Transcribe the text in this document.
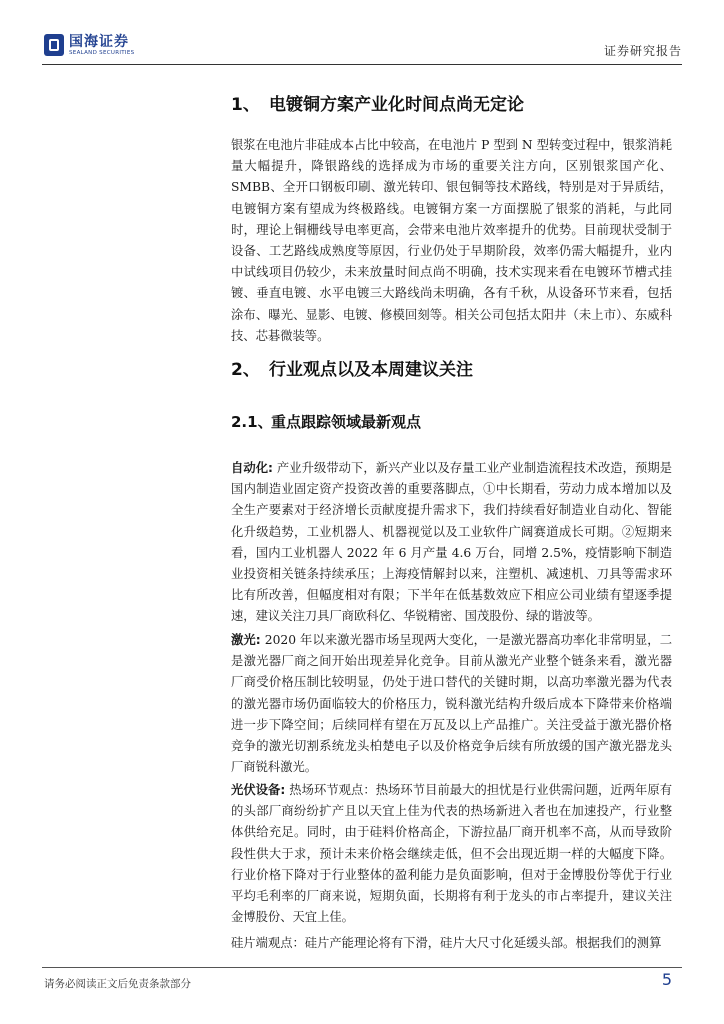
国海证券
SEALAND SECURITIES	证券研究报告
1、 电镀铜方案产业化时间点尚无定论
银浆在电池片非硅成本占比中较高，在电池片 P 型到 N 型转变过程中，银浆消耗量大幅提升，降银路线的选择成为市场的重要关注方向，区别银浆国产化、SMBB、全开口钢板印刷、激光转印、银包铜等技术路线，特别是对于异质结，电镀铜方案有望成为终极路线。电镀铜方案一方面摆脱了银浆的消耗，与此同时，理论上铜栅线导电率更高，会带来电池片效率提升的优势。目前现状受制于设备、工艺路线成熟度等原因，行业仍处于早期阶段，效率仍需大幅提升，业内中试线项目仍较少，未来放量时间点尚不明确，技术实现来看在电镀环节槽式挂镀、垂直电镀、水平电镀三大路线尚未明确，各有千秋，从设备环节来看，包括涂布、曝光、显影、电镀、修模回刻等。相关公司包括太阳井（未上市）、东威科技、芯碁微装等。
2、 行业观点以及本周建议关注
2.1、重点跟踪领域最新观点
自动化: 产业升级带动下，新兴产业以及存量工业产业制造流程技术改造，预期是国内制造业固定资产投资改善的重要落脚点，①中长期看，劳动力成本增加以及全生产要素对于经济增长贡献度提升需求下，我们持续看好制造业自动化、智能化升级趋势，工业机器人、机器视觉以及工业软件广阔赛道成长可期。②短期来看，国内工业机器人 2022 年 6 月产量 4.6 万台，同增 2.5%，疫情影响下制造业投资相关链条持续承压；上海疫情解封以来，注塑机、减速机、刀具等需求环比有所改善，但幅度相对有限；下半年在低基数效应下相应公司业绩有望逐季提速，建议关注刀具厂商欧科亿、华锐精密、国茂股份、绿的谐波等。
激光: 2020 年以来激光器市场呈现两大变化，一是激光器高功率化非常明显，二是激光器厂商之间开始出现差异化竞争。目前从激光产业整个链条来看，激光器厂商受价格压制比较明显，仍处于进口替代的关键时期，以高功率激光器为代表的激光器市场仍面临较大的价格压力，锐科激光结构升级后成本下降带来价格端进一步下降空间；后续同样有望在万瓦及以上产品推广。关注受益于激光器价格竞争的激光切割系统龙头柏楚电子以及价格竞争后续有所放缓的国产激光器龙头厂商锐科激光。
光伏设备: 热场环节观点：热场环节目前最大的担忧是行业供需问题，近两年原有的头部厂商纷纷扩产且以天宜上佳为代表的热场新进入者也在加速投产，行业整体供给充足。同时，由于硅料价格高企，下游拉晶厂商开机率不高，从而导致阶段性供大于求，预计未来价格会继续走低，但不会出现近期一样的大幅度下降。行业价格下降对于行业整体的盈利能力是负面影响，但对于金博股份等优于行业平均毛利率的厂商来说，短期负面，长期将有利于龙头的市占率提升，建议关注金博股份、天宜上佳。
硅片端观点：硅片产能理论将有下滑，硅片大尺寸化延缓头部。根据我们的测算
请务必阅读正文后免责条款部分	5
